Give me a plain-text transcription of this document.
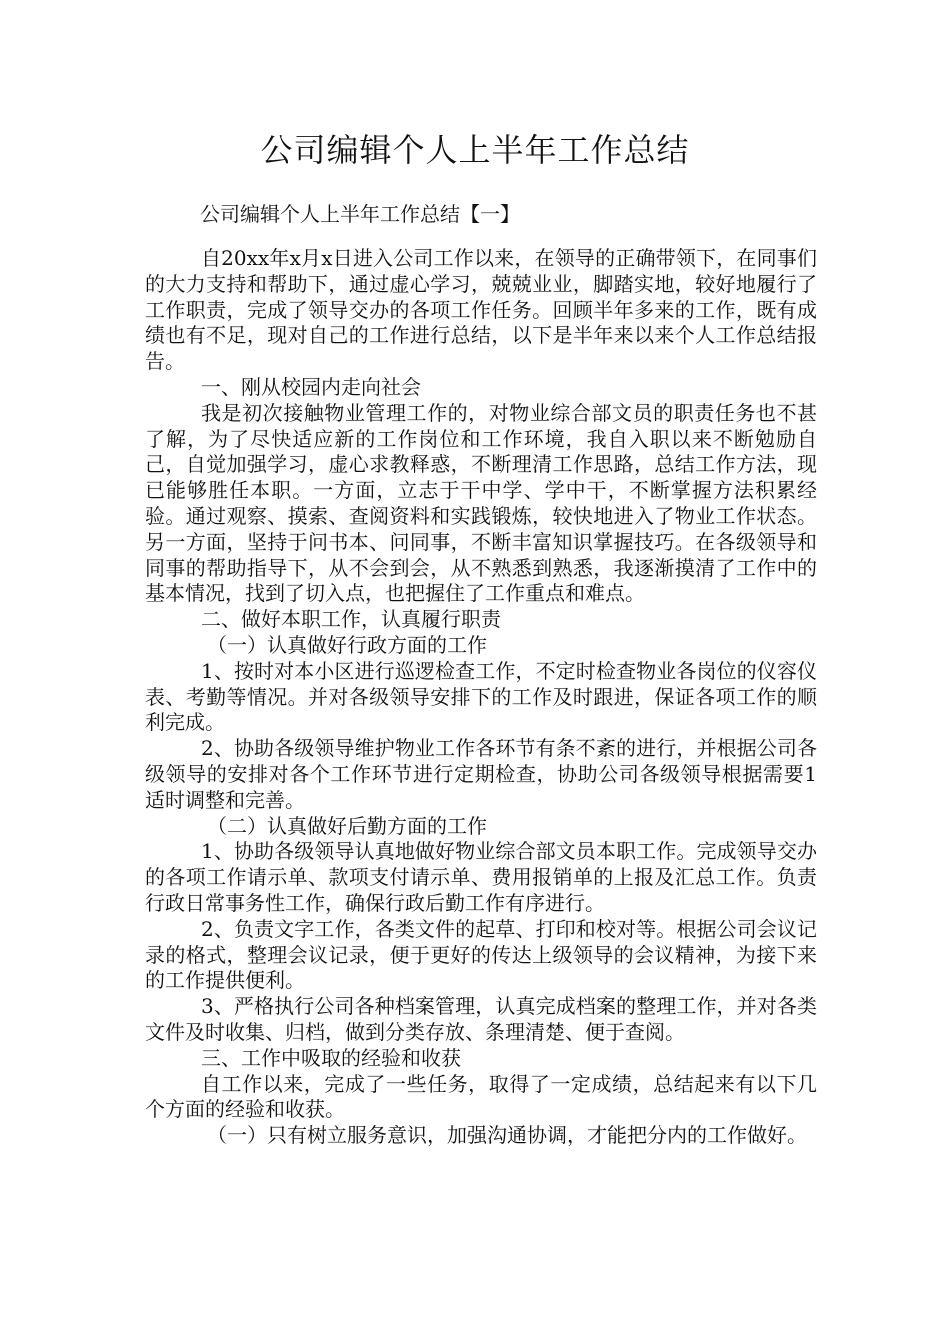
公司编辑个人上半年工作总结

公司编辑个人上半年工作总结【一】

自20xx年x月x日进入公司工作以来，在领导的正确带领下，在同事们的大力支持和帮助下，通过虚心学习，兢兢业业，脚踏实地，较好地履行了工作职责，完成了领导交办的各项工作任务。回顾半年多来的工作，既有成绩也有不足，现对自己的工作进行总结，以下是半年来以来个人工作总结报告。

一、刚从校园内走向社会

我是初次接触物业管理工作的，对物业综合部文员的职责任务也不甚了解，为了尽快适应新的工作岗位和工作环境，我自入职以来不断勉励自己，自觉加强学习，虚心求教释惑，不断理清工作思路，总结工作方法，现已能够胜任本职。一方面，立志于干中学、学中干，不断掌握方法积累经验。通过观察、摸索、查阅资料和实践锻炼，较快地进入了物业工作状态。另一方面，坚持于问书本、问同事，不断丰富知识掌握技巧。在各级领导和同事的帮助指导下，从不会到会，从不熟悉到熟悉，我逐渐摸清了工作中的基本情况，找到了切入点，也把握住了工作重点和难点。

二、做好本职工作，认真履行职责

（一）认真做好行政方面的工作

1、按时对本小区进行巡逻检查工作，不定时检查物业各岗位的仪容仪表、考勤等情况。并对各级领导安排下的工作及时跟进，保证各项工作的顺利完成。

2、协助各级领导维护物业工作各环节有条不紊的进行，并根据公司各级领导的安排对各个工作环节进行定期检查，协助公司各级领导根据需要1适时调整和完善。

（二）认真做好后勤方面的工作

1、协助各级领导认真地做好物业综合部文员本职工作。完成领导交办的各项工作请示单、款项支付请示单、费用报销单的上报及汇总工作。负责行政日常事务性工作，确保行政后勤工作有序进行。

2、负责文字工作，各类文件的起草、打印和校对等。根据公司会议记录的格式，整理会议记录，便于更好的传达上级领导的会议精神，为接下来的工作提供便利。

3、严格执行公司各种档案管理，认真完成档案的整理工作，并对各类文件及时收集、归档，做到分类存放、条理清楚、便于查阅。

三、工作中吸取的经验和收获

自工作以来，完成了一些任务，取得了一定成绩，总结起来有以下几个方面的经验和收获。

（一）只有树立服务意识，加强沟通协调，才能把分内的工作做好。
